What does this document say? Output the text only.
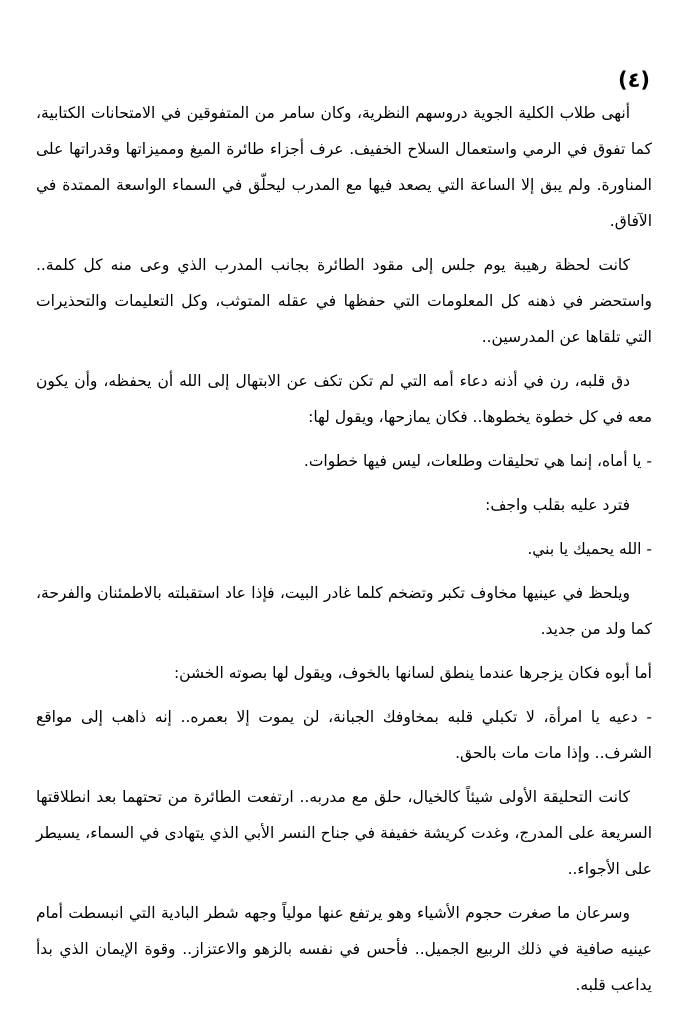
(٤)

أنهى طلاب الكلية الجوية دروسهم النظرية، وكان سامر من المتفوقين في الامتحانات الكتابية، كما تفوق في الرمي واستعمال السلاح الخفيف. عرف أجزاء طائرة الميغ ومميزاتها وقدراتها على المناورة. ولم يبق إلا الساعة التي يصعد فيها مع المدرب ليحلّق في السماء الواسعة الممتدة في الآفاق.

كانت لحظة رهيبة يوم جلس إلى مقود الطائرة بجانب المدرب الذي وعى منه كل كلمة.. واستحضر في ذهنه كل المعلومات التي حفظها في عقله المتوثب، وكل التعليمات والتحذيرات التي تلقاها عن المدرسين..

دق قلبه، رن في أذنه دعاء أمه التي لم تكن تكف عن الابتهال إلى الله أن يحفظه، وأن يكون معه في كل خطوة يخطوها.. فكان يمازحها، ويقول لها:

- يا أماه، إنما هي تحليقات وطلعات، ليس فيها خطوات.

فترد عليه بقلب واجف:

- الله يحميك يا بني.

ويلحظ في عينيها مخاوف تكبر وتضخم كلما غادر البيت، فإذا عاد استقبلته بالاطمئنان والفرحة، كما ولد من جديد.

أما أبوه فكان يزجرها عندما ينطق لسانها بالخوف، ويقول لها بصوته الخشن:

- دعيه يا امرأة، لا تكبلي قلبه بمخاوفك الجبانة، لن يموت إلا بعمره.. إنه ذاهب إلى مواقع الشرف.. وإذا مات مات بالحق.

كانت التحليقة الأولى شيئاً كالخيال، حلق مع مدربه.. ارتفعت الطائرة من تحتهما بعد انطلاقتها السريعة على المدرج، وغدت كريشة خفيفة في جناح النسر الأبي الذي يتهادى في السماء، يسيطر على الأجواء..

وسرعان ما صغرت حجوم الأشياء وهو يرتفع عنها مولياً وجهه شطر البادية التي انبسطت أمام عينيه صافية في ذلك الربيع الجميل.. فأحس في نفسه بالزهو والاعتزاز.. وقوة الإيمان الذي بدأ يداعب قلبه.
